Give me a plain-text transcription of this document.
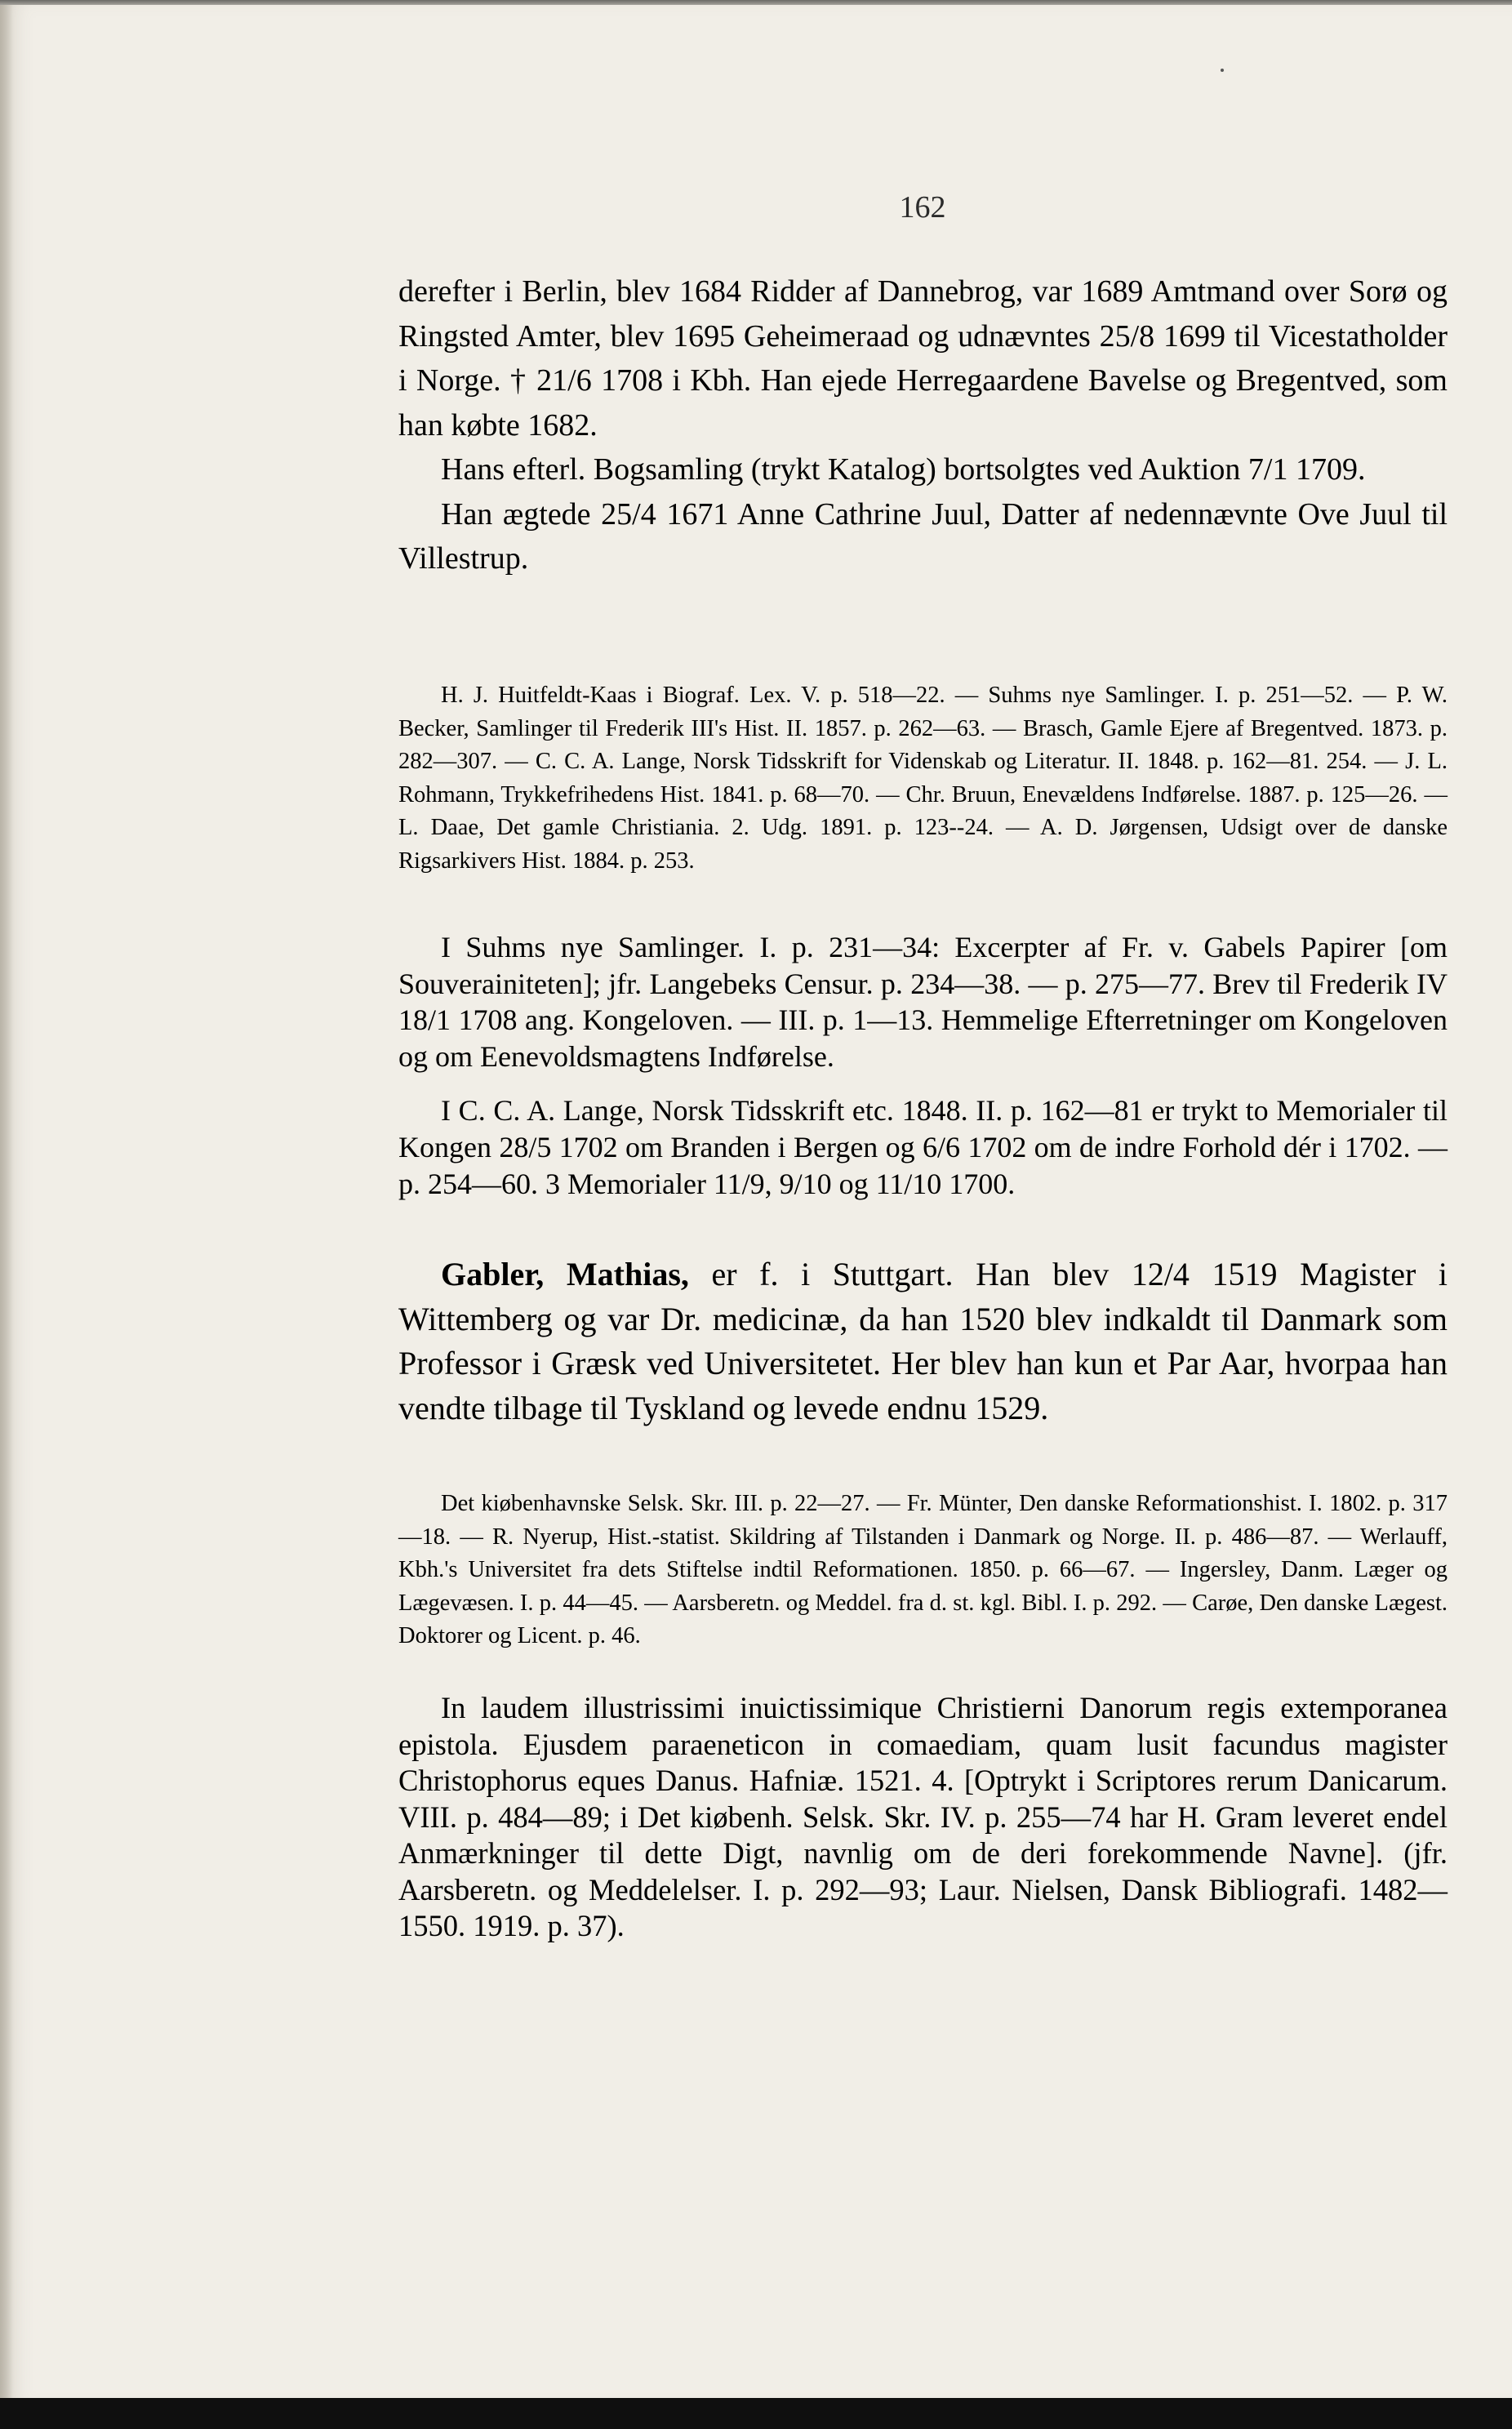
162

derefter i Berlin, blev 1684 Ridder af Dannebrog, var 1689 Amtmand over Sorø og Ringsted Amter, blev 1695 Geheimeraad og udnævntes 25/8 1699 til Vicestatholder i Norge. † 21/6 1708 i Kbh. Han ejede Herregaardene Bavelse og Bregentved, som han købte 1682.

Hans efterl. Bogsamling (trykt Katalog) bortsolgtes ved Auktion 7/1 1709.

Han ægtede 25/4 1671 Anne Cathrine Juul, Datter af nedennævnte Ove Juul til Villestrup.

H. J. Huitfeldt-Kaas i Biograf. Lex. V. p. 518—22. — Suhms nye Samlinger. I. p. 251—52. — P. W. Becker, Samlinger til Frederik III's Hist. II. 1857. p. 262—63. — Brasch, Gamle Ejere af Bregentved. 1873. p. 282—307. — C. C. A. Lange, Norsk Tidsskrift for Videnskab og Literatur. II. 1848. p. 162—81. 254. — J. L. Rohmann, Trykkefrihedens Hist. 1841. p. 68—70. — Chr. Bruun, Enevældens Indførelse. 1887. p. 125—26. — L. Daae, Det gamle Christiania. 2. Udg. 1891. p. 123--24. — A. D. Jørgensen, Udsigt over de danske Rigsarkivers Hist. 1884. p. 253.

I Suhms nye Samlinger. I. p. 231—34: Excerpter af Fr. v. Gabels Papirer [om Souverainiteten]; jfr. Langebeks Censur. p. 234—38. — p. 275—77. Brev til Frederik IV 18/1 1708 ang. Kongeloven. — III. p. 1—13. Hemmelige Efterretninger om Kongeloven og om Eenevoldsmagtens Indførelse.

I C. C. A. Lange, Norsk Tidsskrift etc. 1848. II. p. 162—81 er trykt to Memorialer til Kongen 28/5 1702 om Branden i Bergen og 6/6 1702 om de indre Forhold dér i 1702. — p. 254—60. 3 Memorialer 11/9, 9/10 og 11/10 1700.

Gabler, Mathias, er f. i Stuttgart. Han blev 12/4 1519 Magister i Wittemberg og var Dr. medicinæ, da han 1520 blev indkaldt til Danmark som Professor i Græsk ved Universitetet. Her blev han kun et Par Aar, hvorpaa han vendte tilbage til Tyskland og levede endnu 1529.

Det kiøbenhavnske Selsk. Skr. III. p. 22—27. — Fr. Münter, Den danske Reformationshist. I. 1802. p. 317—18. — R. Nyerup, Hist.-statist. Skildring af Tilstanden i Danmark og Norge. II. p. 486—87. — Werlauff, Kbh.'s Universitet fra dets Stiftelse indtil Reformationen. 1850. p. 66—67. — Ingersley, Danm. Læger og Lægevæsen. I. p. 44—45. — Aarsberetn. og Meddel. fra d. st. kgl. Bibl. I. p. 292. — Carøe, Den danske Lægest. Doktorer og Licent. p. 46.

In laudem illustrissimi inuictissimique Christierni Danorum regis extemporanea epistola. Ejusdem paraeneticon in comaediam, quam lusit facundus magister Christophorus eques Danus. Hafniæ. 1521. 4. [Optrykt i Scriptores rerum Danicarum. VIII. p. 484—89; i Det kiøbenh. Selsk. Skr. IV. p. 255—74 har H. Gram leveret endel Anmærkninger til dette Digt, navnlig om de deri forekommende Navne]. (jfr. Aarsberetn. og Meddelelser. I. p. 292—93; Laur. Nielsen, Dansk Bibliografi. 1482—1550. 1919. p. 37).
